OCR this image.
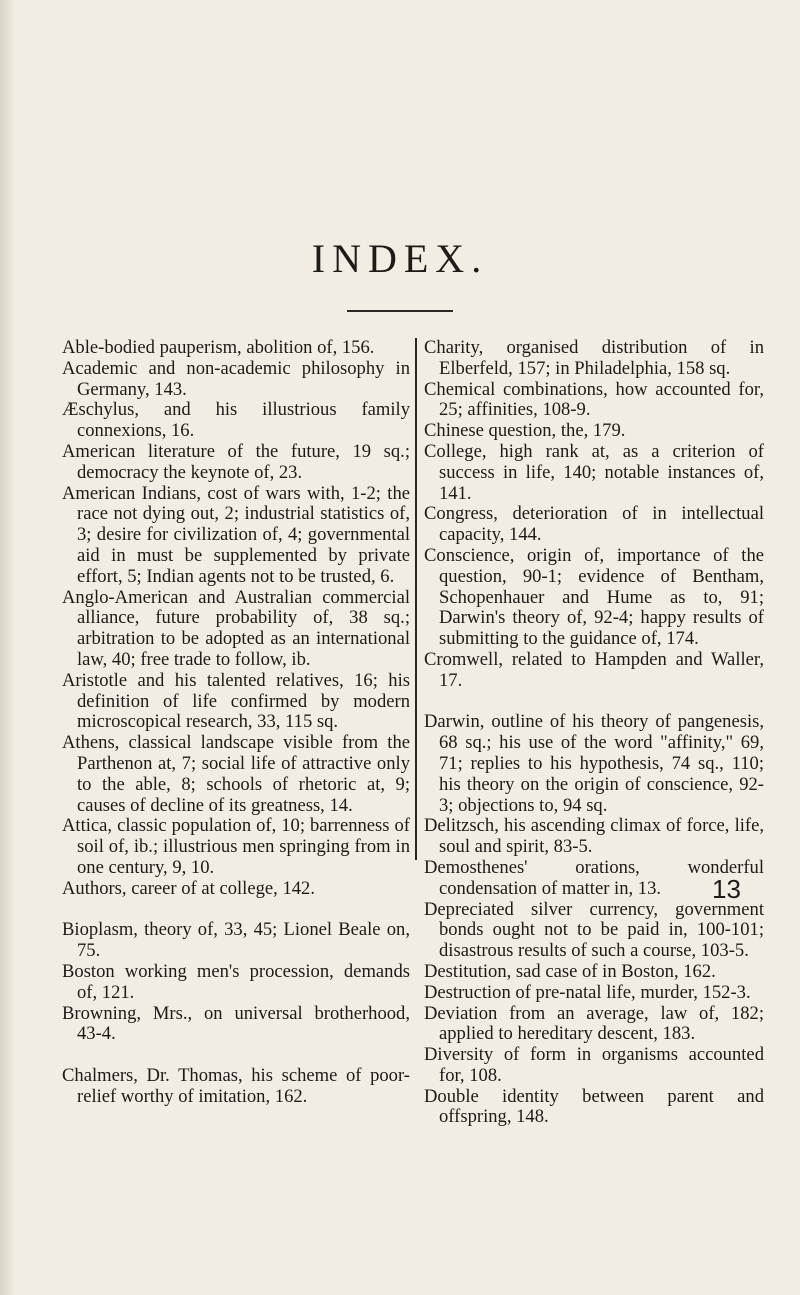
INDEX.
Able-bodied pauperism, abolition of, 156.
Academic and non-academic philosophy in Germany, 143.
Æschylus, and his illustrious family connexions, 16.
American literature of the future, 19 sq.; democracy the keynote of, 23.
American Indians, cost of wars with, 1-2; the race not dying out, 2; industrial statistics of, 3; desire for civilization of, 4; governmental aid in must be supplemented by private effort, 5; Indian agents not to be trusted, 6.
Anglo-American and Australian commercial alliance, future probability of, 38 sq.; arbitration to be adopted as an international law, 40; free trade to follow, ib.
Aristotle and his talented relatives, 16; his definition of life confirmed by modern microscopical research, 33, 115 sq.
Athens, classical landscape visible from the Parthenon at, 7; social life of attractive only to the able, 8; schools of rhetoric at, 9; causes of decline of its greatness, 14.
Attica, classic population of, 10; barrenness of soil of, ib.; illustrious men springing from in one century, 9, 10.
Authors, career of at college, 142.
Bioplasm, theory of, 33, 45; Lionel Beale on, 75.
Boston working men's procession, demands of, 121.
Browning, Mrs., on universal brotherhood, 43-4.
Chalmers, Dr. Thomas, his scheme of poor-relief worthy of imitation, 162.
Charity, organised distribution of in Elberfeld, 157; in Philadelphia, 158 sq.
Chemical combinations, how accounted for, 25; affinities, 108-9.
Chinese question, the, 179.
College, high rank at, as a criterion of success in life, 140; notable instances of, 141.
Congress, deterioration of in intellectual capacity, 144.
Conscience, origin of, importance of the question, 90-1; evidence of Bentham, Schopenhauer and Hume as to, 91; Darwin's theory of, 92-4; happy results of submitting to the guidance of, 174.
Cromwell, related to Hampden and Waller, 17.
Darwin, outline of his theory of pangenesis, 68 sq.; his use of the word "affinity," 69, 71; replies to his hypothesis, 74 sq., 110; his theory on the origin of conscience, 92-3; objections to, 94 sq.
Delitzsch, his ascending climax of force, life, soul and spirit, 83-5.
Demosthenes' orations, wonderful condensation of matter in, 13.
Depreciated silver currency, government bonds ought not to be paid in, 100-101; disastrous results of such a course, 103-5.
Destitution, sad case of in Boston, 162.
Destruction of pre-natal life, murder, 152-3.
Deviation from an average, law of, 182; applied to hereditary descent, 183.
Diversity of form in organisms accounted for, 108.
Double identity between parent and offspring, 148.
13
